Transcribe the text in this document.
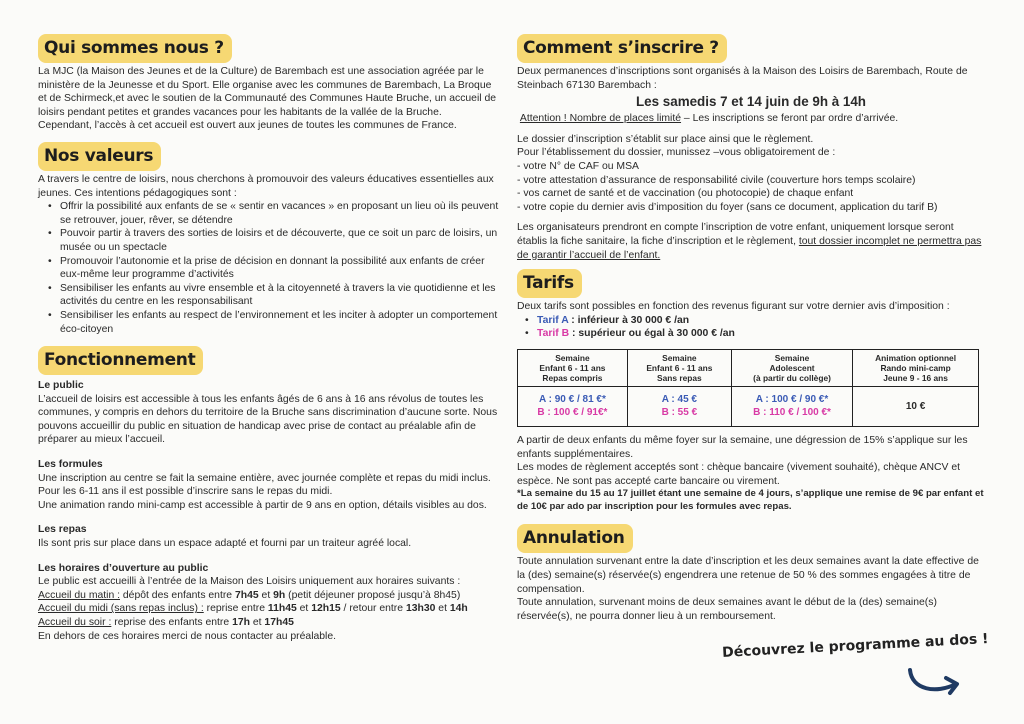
Qui sommes nous ?

La MJC (la Maison des Jeunes et de la Culture) de Barembach est une association agréée par le ministère de la Jeunesse et du Sport. Elle organise avec les communes de Barembach, La Broque et de Schirmeck,et avec le soutien de la Communauté des Communes Haute Bruche, un accueil de loisirs pendant petites et grandes vacances pour les habitants de la vallée de la Bruche.

Cependant, l’accès à cet accueil est ouvert aux jeunes de toutes les communes de France.

Nos valeurs

A travers le centre de loisirs, nous cherchons à promouvoir des valeurs éducatives essentielles aux jeunes. Ces intentions pédagogiques sont :

• Offrir la possibilité aux enfants de se « sentir en vacances » en proposant un lieu où ils peuvent se retrouver, jouer, rêver, se détendre
• Pouvoir partir à travers des sorties de loisirs et de découverte, que ce soit un parc de loisirs, un musée ou un spectacle
• Promouvoir l’autonomie et la prise de décision en donnant la possibilité aux enfants de créer eux-même leur programme d’activités
• Sensibiliser les enfants au vivre ensemble et à la citoyenneté à travers la vie quotidienne et les activités du centre en les responsabilisant
• Sensibiliser les enfants au respect de l’environnement et les inciter à adopter un comportement éco-citoyen
Fonctionnement

Le public

L’accueil de loisirs est accessible à tous les enfants âgés de 6 ans à 16 ans révolus de toutes les communes, y compris en dehors du territoire de la Bruche sans discrimination d’aucune sorte. Nous pouvons accueillir du public en situation de handicap avec prise de contact au préalable afin de préparer au mieux l’accueil.

Les formules

Une inscription au centre se fait la semaine entière, avec journée complète et repas du midi inclus. Pour les 6-11 ans il est possible d’inscrire sans le repas du midi.

Une animation rando mini-camp est accessible à partir de 9 ans en option, détails visibles au dos.

Les repas

Ils sont pris sur place dans un espace adapté et fourni par un traiteur agréé local.

Les horaires d’ouverture au public

Le public est accueilli à l’entrée de la Maison des Loisirs uniquement aux horaires suivants :

Accueil du matin : dépôt des enfants entre 7h45 et 9h (petit déjeuner proposé jusqu’à 8h45)

Accueil du midi (sans repas inclus) : reprise entre 11h45 et 12h15 / retour entre 13h30 et 14h

Accueil du soir : reprise des enfants entre 17h et 17h45

En dehors de ces horaires merci de nous contacter au préalable.

Comment s’inscrire ?

Deux permanences d’inscriptions sont organisés à la Maison des Loisirs de Barembach, Route de Steinbach 67130 Barembach :

Les samedis 7 et 14 juin de 9h à 14h

Attention ! Nombre de places limité – Les inscriptions se feront par ordre d’arrivée.

Le dossier d’inscription s’établit sur place ainsi que le règlement.

Pour l’établissement du dossier, munissez –vous obligatoirement de :

- votre N° de CAF ou MSA

- votre attestation d’assurance de responsabilité civile (couverture hors temps scolaire)

- vos carnet de santé et de vaccination (ou photocopie) de chaque enfant

- votre copie du dernier avis d’imposition du foyer (sans ce document, application du tarif B)

Les organisateurs prendront en compte l’inscription de votre enfant, uniquement lorsque seront établis la fiche sanitaire, la fiche d’inscription et le règlement, tout dossier incomplet ne permettra pas de garantir l’accueil de l’enfant.

Tarifs

Deux tarifs sont possibles en fonction des revenus figurant sur votre dernier avis d’imposition :

• Tarif A : inférieur à 30 000 € /an
• Tarif B : supérieur ou égal à 30 000 € /an
Semaine
Enfant 6 - 11 ans
Repas compris	Semaine
Enfant 6 - 11 ans
Sans repas	Semaine
Adolescent
(à partir du collège)	Animation optionnel
Rando mini-camp
Jeune 9 - 16 ans

A : 90 € / 81 €*
B : 100 € / 91€*	A : 45 €
B : 55 €	A : 100 € / 90 €*
B : 110 € / 100 €*	10 €

A partir de deux enfants du même foyer sur la semaine, une dégression de 15% s’applique sur les enfants supplémentaires.

Les modes de règlement acceptés sont : chèque bancaire (vivement souhaité), chèque ANCV et espèce. Ne sont pas accepté carte bancaire ou virement.

*La semaine du 15 au 17 juillet étant une semaine de 4 jours, s’applique une remise de 9€ par enfant et de 10€ par ado par inscription pour les formules avec repas.

Annulation

Toute annulation survenant entre la date d’inscription et les deux semaines avant la date effective de la (des) semaine(s) réservée(s) engendrera une retenue de 50 % des sommes engagées à titre de compensation.

Toute annulation, survenant moins de deux semaines avant le début de la (des) semaine(s) réservée(s), ne pourra donner lieu à un remboursement.

Découvrez le programme au dos !
